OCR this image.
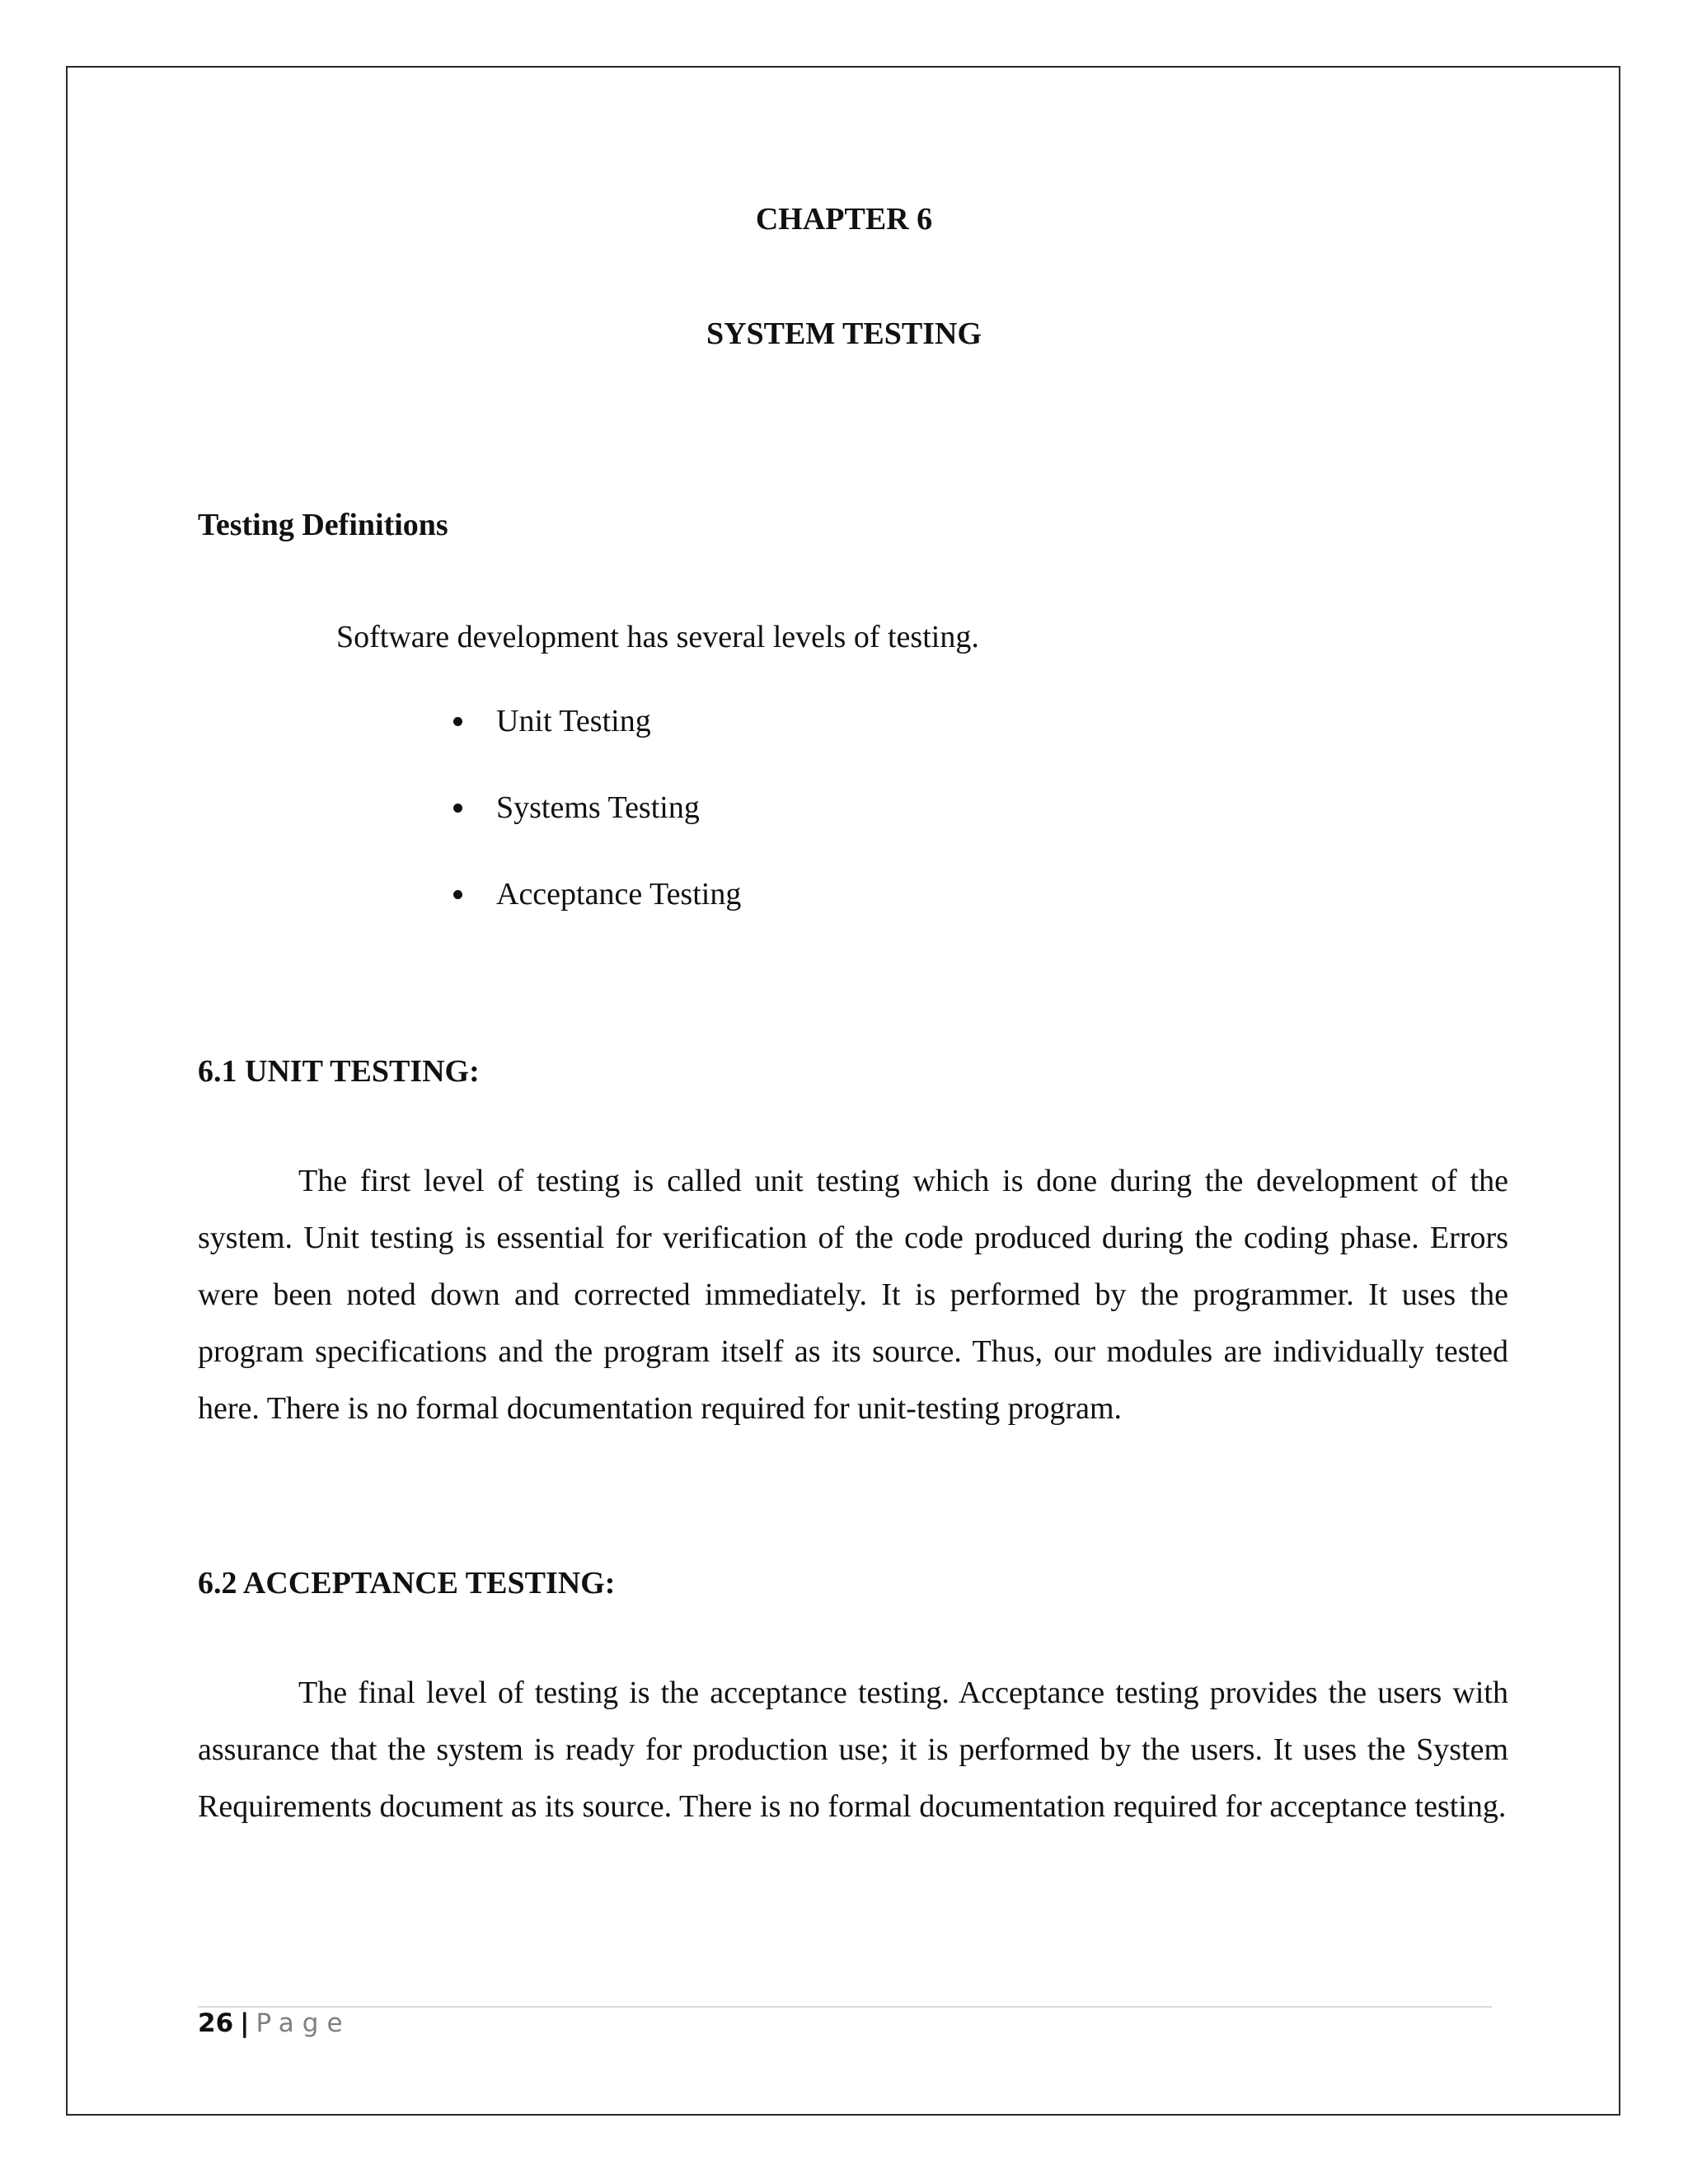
CHAPTER 6
SYSTEM TESTING
Testing Definitions

Software development has several levels of testing.

Unit Testing
Systems Testing
Acceptance Testing
6.1 UNIT TESTING:

The first level of testing is called unit testing which is done during the development of the system. Unit testing is essential for verification of the code produced during the coding phase. Errors were been noted down and corrected immediately. It is performed by the programmer. It uses the program specifications and the program itself as its source. Thus, our modules are individually tested here. There is no formal documentation required for unit-testing program.

6.2 ACCEPTANCE TESTING:

The final level of testing is the acceptance testing. Acceptance testing provides the users with assurance that the system is ready for production use; it is performed by the users. It uses the System Requirements document as its source. There is no formal documentation required for acceptance testing.

26 | Page
